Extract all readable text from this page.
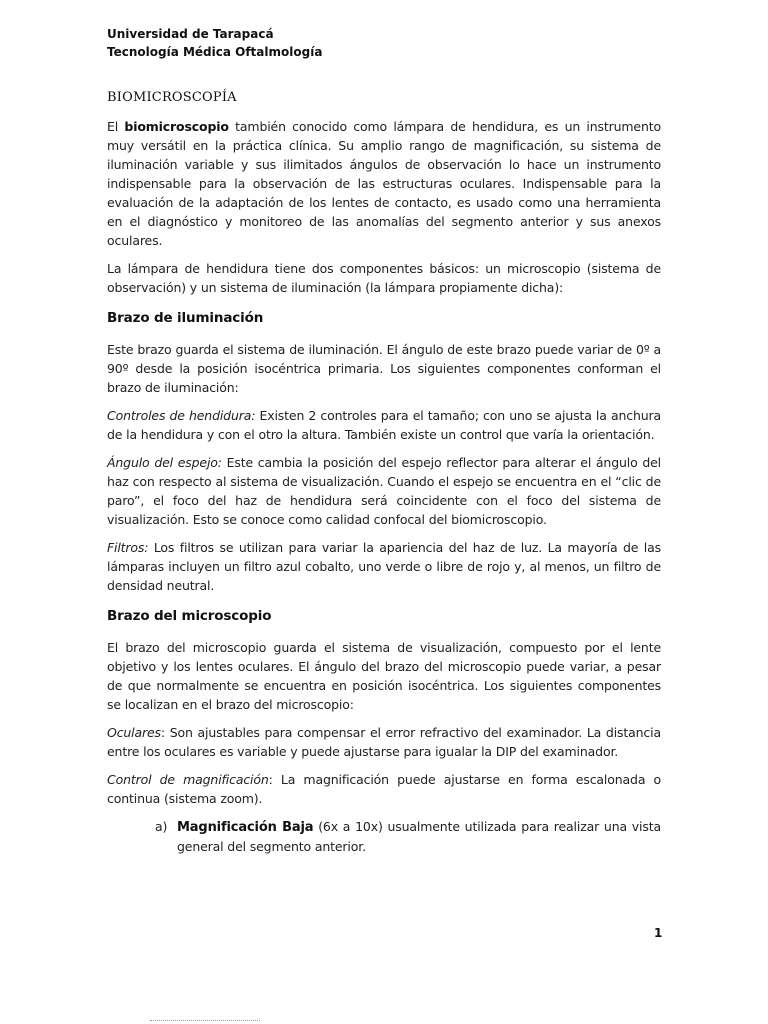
Universidad de Tarapacá
Tecnología Médica Oftalmología
BIOMICROSCOPÍA

El biomicroscopio también conocido como lámpara de hendidura, es un instrumento muy versátil en la práctica clínica. Su amplio rango de magnificación, su sistema de iluminación variable y sus ilimitados ángulos de observación lo hace un instrumento indispensable para la observación de las estructuras oculares. Indispensable para la evaluación de la adaptación de los lentes de contacto, es usado como una herramienta en el diagnóstico y monitoreo de las anomalías del segmento anterior y sus anexos oculares.

La lámpara de hendidura tiene dos componentes básicos: un microscopio (sistema de observación) y un sistema de iluminación (la lámpara propiamente dicha):

Brazo de iluminación

Este brazo guarda el sistema de iluminación. El ángulo de este brazo puede variar de 0º a 90º desde la posición isocéntrica primaria. Los siguientes componentes conforman el brazo de iluminación:

Controles de hendidura: Existen 2 controles para el tamaño; con uno se ajusta la anchura de la hendidura y con el otro la altura. También existe un control que varía la orientación.

Ángulo del espejo: Este cambia la posición del espejo reflector para alterar el ángulo del haz con respecto al sistema de visualización. Cuando el espejo se encuentra en el “clic de paro”, el foco del haz de hendidura será coincidente con el foco del sistema de visualización. Esto se conoce como calidad confocal del biomicroscopio.

Filtros: Los filtros se utilizan para variar la apariencia del haz de luz. La mayoría de las lámparas incluyen un filtro azul cobalto, uno verde o libre de rojo y, al menos, un filtro de densidad neutral.

Brazo del microscopio

El brazo del microscopio guarda el sistema de visualización, compuesto por el lente objetivo y los lentes oculares. El ángulo del brazo del microscopio puede variar, a pesar de que normalmente se encuentra en posición isocéntrica. Los siguientes componentes se localizan en el brazo del microscopio:

Oculares: Son ajustables para compensar el error refractivo del examinador. La distancia entre los oculares es variable y puede ajustarse para igualar la DIP del examinador.

Control de magnificación: La magnificación puede ajustarse en forma escalonada o continua (sistema zoom).

a) Magnificación Baja (6x a 10x) usualmente utilizada para realizar una vista general del segmento anterior.
1
